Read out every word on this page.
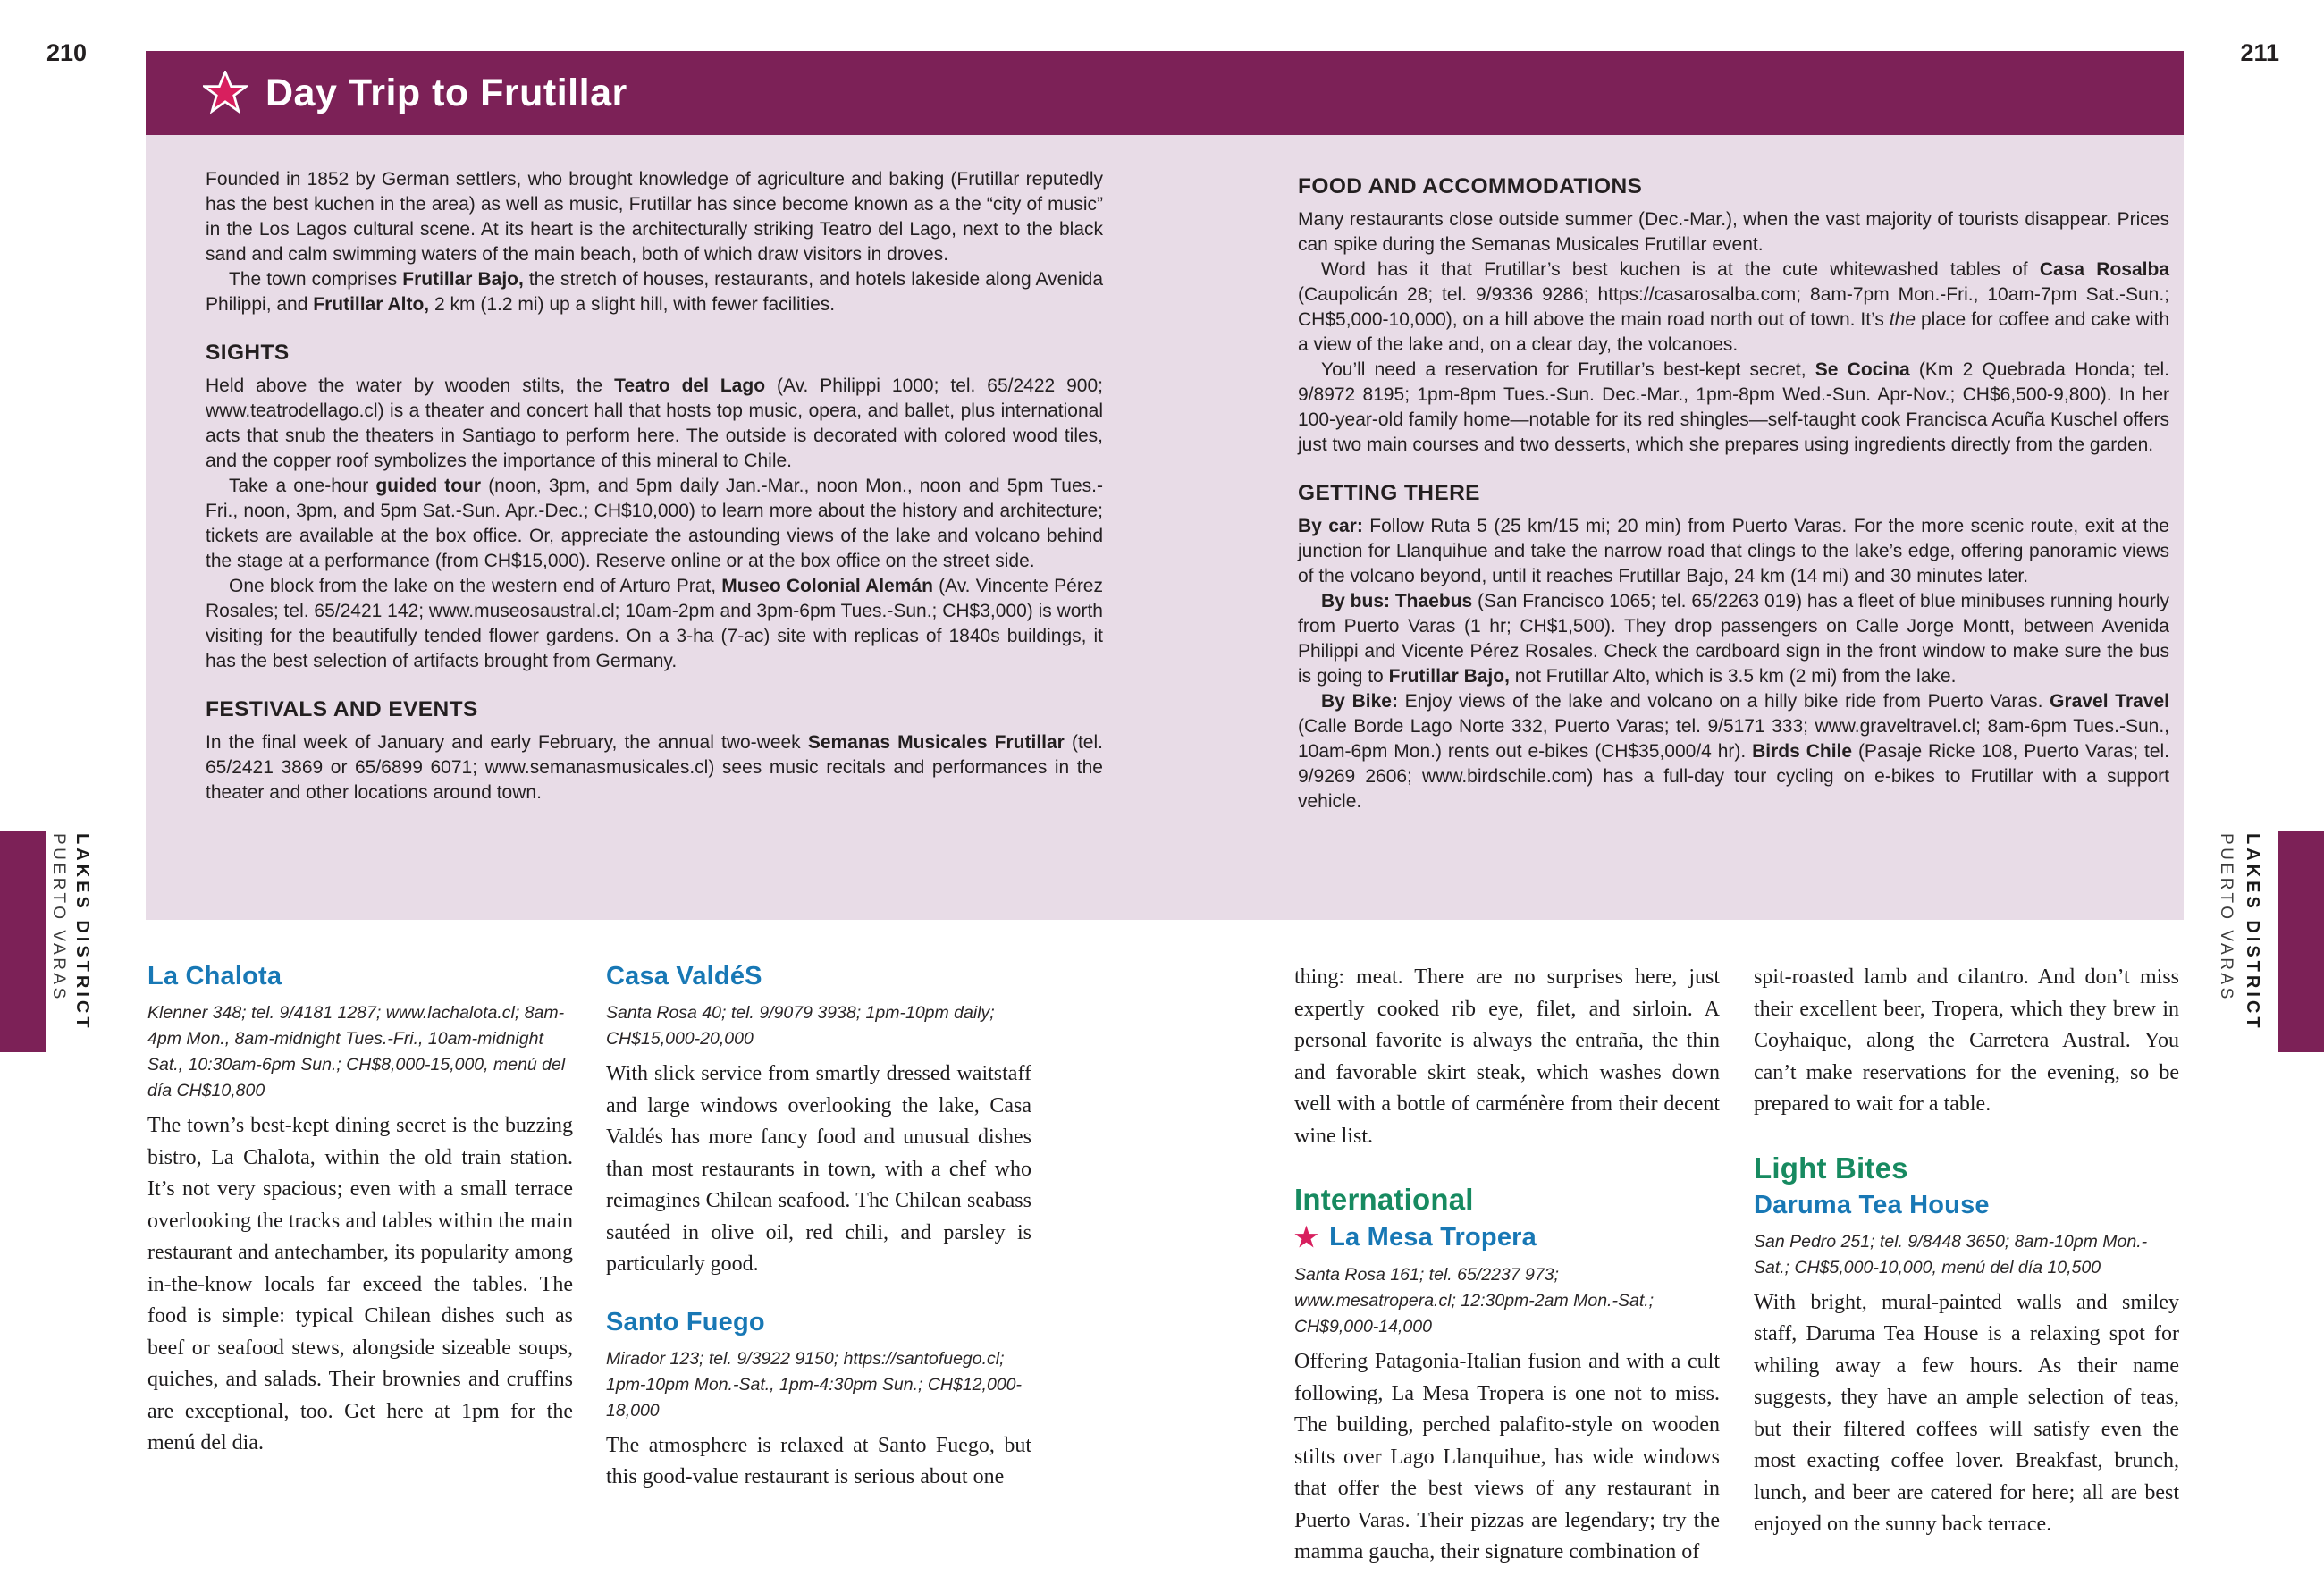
210	211
Day Trip to Frutillar

Founded in 1852 by German settlers, who brought knowledge of agriculture and baking (Frutillar reputedly has the best kuchen in the area) as well as music, Frutillar has since become known as a the “city of music” in the Los Lagos cultural scene. At its heart is the architecturally striking Teatro del Lago, next to the black sand and calm swimming waters of the main beach, both of which draw visitors in droves.

The town comprises Frutillar Bajo, the stretch of houses, restaurants, and hotels lakeside along Avenida Philippi, and Frutillar Alto, 2 km (1.2 mi) up a slight hill, with fewer facilities.

SIGHTS

Held above the water by wooden stilts, the Teatro del Lago (Av. Philippi 1000; tel. 65/2422 900; www.teatrodellago.cl) is a theater and concert hall that hosts top music, opera, and ballet, plus international acts that snub the theaters in Santiago to perform here. The outside is decorated with colored wood tiles, and the copper roof symbolizes the importance of this mineral to Chile.

Take a one-hour guided tour (noon, 3pm, and 5pm daily Jan.-Mar., noon Mon., noon and 5pm Tues.-Fri., noon, 3pm, and 5pm Sat.-Sun. Apr.-Dec.; CH$10,000) to learn more about the history and architecture; tickets are available at the box office. Or, appreciate the astounding views of the lake and volcano behind the stage at a performance (from CH$15,000). Reserve online or at the box office on the street side.

One block from the lake on the western end of Arturo Prat, Museo Colonial Alemán (Av. Vincente Pérez Rosales; tel. 65/2421 142; www.museosaustral.cl; 10am-2pm and 3pm-6pm Tues.-Sun.; CH$3,000) is worth visiting for the beautifully tended flower gardens. On a 3-ha (7-ac) site with replicas of 1840s buildings, it has the best selection of artifacts brought from Germany.

FESTIVALS AND EVENTS

In the final week of January and early February, the annual two-week Semanas Musicales Frutillar (tel. 65/2421 3869 or 65/6899 6071; www.semanasmusicales.cl) sees music recitals and performances in the theater and other locations around town.

FOOD AND ACCOMMODATIONS

Many restaurants close outside summer (Dec.-Mar.), when the vast majority of tourists disappear. Prices can spike during the Semanas Musicales Frutillar event.

Word has it that Frutillar’s best kuchen is at the cute whitewashed tables of Casa Rosalba (Caupolicán 28; tel. 9/9336 9286; https://casarosalba.com; 8am-7pm Mon.-Fri., 10am-7pm Sat.-Sun.; CH$5,000-10,000), on a hill above the main road north out of town. It’s the place for coffee and cake with a view of the lake and, on a clear day, the volcanoes.

You’ll need a reservation for Frutillar’s best-kept secret, Se Cocina (Km 2 Quebrada Honda; tel. 9/8972 8195; 1pm-8pm Tues.-Sun. Dec.-Mar., 1pm-8pm Wed.-Sun. Apr-Nov.; CH$6,500-9,800). In her 100-year-old family home—notable for its red shingles—self-taught cook Francisca Acuña Kuschel offers just two main courses and two desserts, which she prepares using ingredients directly from the garden.

GETTING THERE

By car: Follow Ruta 5 (25 km/15 mi; 20 min) from Puerto Varas. For the more scenic route, exit at the junction for Llanquihue and take the narrow road that clings to the lake’s edge, offering panoramic views of the volcano beyond, until it reaches Frutillar Bajo, 24 km (14 mi) and 30 minutes later.

By bus: Thaebus (San Francisco 1065; tel. 65/2263 019) has a fleet of blue minibuses running hourly from Puerto Varas (1 hr; CH$1,500). They drop passengers on Calle Jorge Montt, between Avenida Philippi and Vicente Pérez Rosales. Check the cardboard sign in the front window to make sure the bus is going to Frutillar Bajo, not Frutillar Alto, which is 3.5 km (2 mi) from the lake.

By Bike: Enjoy views of the lake and volcano on a hilly bike ride from Puerto Varas. Gravel Travel (Calle Borde Lago Norte 332, Puerto Varas; tel. 9/5171 333; www.graveltravel.cl; 8am-6pm Tues.-Sun., 10am-6pm Mon.) rents out e-bikes (CH$35,000/4 hr). Birds Chile (Pasaje Ricke 108, Puerto Varas; tel. 9/9269 2606; www.birdschile.com) has a full-day tour cycling on e-bikes to Frutillar with a support vehicle.

La Chalota

Klenner 348; tel. 9/4181 1287; www.lachalota.cl; 8am-4pm Mon., 8am-midnight Tues.-Fri., 10am-midnight Sat., 10:30am-6pm Sun.; CH$8,000-15,000, menú del día CH$10,800

The town’s best-kept dining secret is the buzzing bistro, La Chalota, within the old train station. It’s not very spacious; even with a small terrace overlooking the tracks and tables within the main restaurant and antechamber, its popularity among in-the-know locals far exceed the tables. The food is simple: typical Chilean dishes such as beef or seafood stews, alongside sizeable soups, quiches, and salads. Their brownies and cruffins are exceptional, too. Get here at 1pm for the menú del dia.

Casa ValdéS

Santa Rosa 40; tel. 9/9079 3938; 1pm-10pm daily; CH$15,000-20,000

With slick service from smartly dressed waitstaff and large windows overlooking the lake, Casa Valdés has more fancy food and unusual dishes than most restaurants in town, with a chef who reimagines Chilean seafood. The Chilean seabass sautéed in olive oil, red chili, and parsley is particularly good.

Santo Fuego

Mirador 123; tel. 9/3922 9150; https://santofuego.cl; 1pm-10pm Mon.-Sat., 1pm-4:30pm Sun.; CH$12,000-18,000

The atmosphere is relaxed at Santo Fuego, but this good-value restaurant is serious about one

thing: meat. There are no surprises here, just expertly cooked rib eye, filet, and sirloin. A personal favorite is always the entraña, the thin and favorable skirt steak, which washes down well with a bottle of carménère from their decent wine list.

International
★ La Mesa Tropera

Santa Rosa 161; tel. 65/2237 973; www.mesatropera.cl; 12:30pm-2am Mon.-Sat.; CH$9,000-14,000

Offering Patagonia-Italian fusion and with a cult following, La Mesa Tropera is one not to miss. The building, perched palafito-style on wooden stilts over Lago Llanquihue, has wide windows that offer the best views of any restaurant in Puerto Varas. Their pizzas are legendary; try the mamma gaucha, their signature combination of

spit-roasted lamb and cilantro. And don’t miss their excellent beer, Tropera, which they brew in Coyhaique, along the Carretera Austral. You can’t make reservations for the evening, so be prepared to wait for a table.

Light Bites
Daruma Tea House

San Pedro 251; tel. 9/8448 3650; 8am-10pm Mon.-Sat.; CH$5,000-10,000, menú del día 10,500

With bright, mural-painted walls and smiley staff, Daruma Tea House is a relaxing spot for whiling away a few hours. As their name suggests, they have an ample selection of teas, but their filtered coffees will satisfy even the most exacting coffee lover. Breakfast, brunch, lunch, and beer are catered for here; all are best enjoyed on the sunny back terrace.

LAKES DISTRICT
PUERTO VARAS	LAKES DISTRICT
PUERTO VARAS
